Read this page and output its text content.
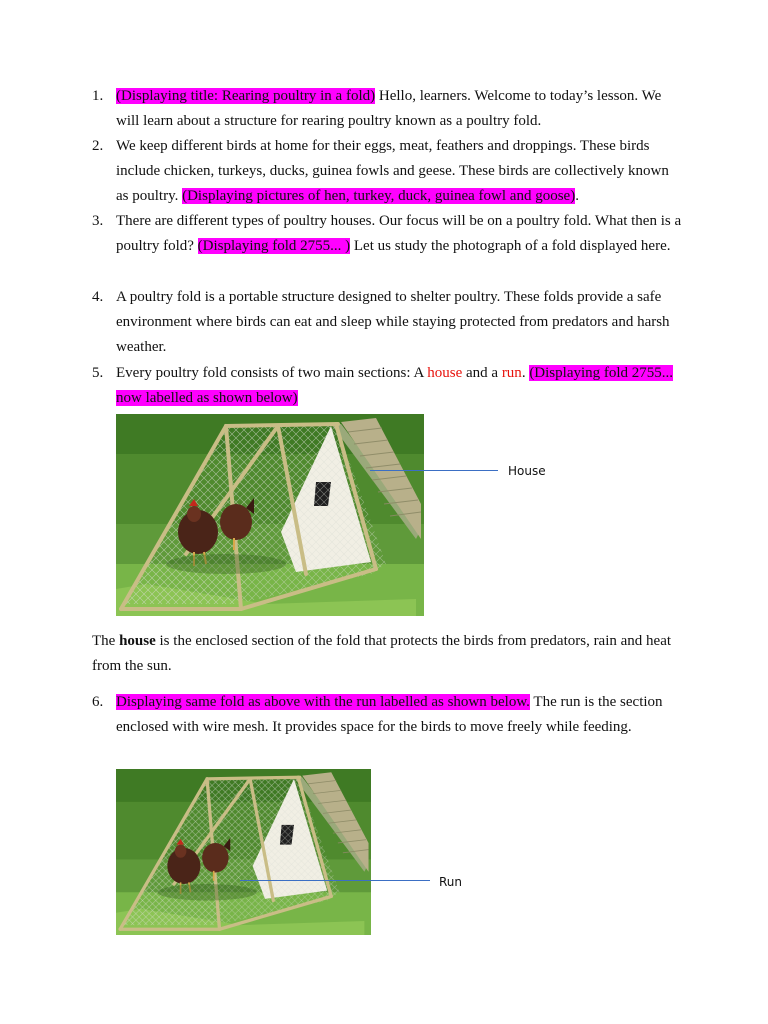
1. (Displaying title: Rearing poultry in a fold) Hello, learners. Welcome to today’s lesson. We will learn about a structure for rearing poultry known as a poultry fold.
2. We keep different birds at home for their eggs, meat, feathers and droppings. These birds include chicken, turkeys, ducks, guinea fowls and geese. These birds are collectively known as poultry. (Displaying pictures of hen, turkey, duck, guinea fowl and goose).
3. There are different types of poultry houses. Our focus will be on a poultry fold. What then is a poultry fold? (Displaying fold 2755... ) Let us study the photograph of a fold displayed here.
4. A poultry fold is a portable structure designed to shelter poultry. These folds provide a safe environment where birds can eat and sleep while staying protected from predators and harsh weather.
5. Every poultry fold consists of two main sections: A house and a run. (Displaying fold 2755... now labelled as shown below)
6. Displaying same fold as above with the run labelled as shown below. The run is the section enclosed with wire mesh. It provides space for the birds to move freely while feeding.
House

The house is the enclosed section of the fold that protects the birds from predators, rain and heat from the sun.

Run
